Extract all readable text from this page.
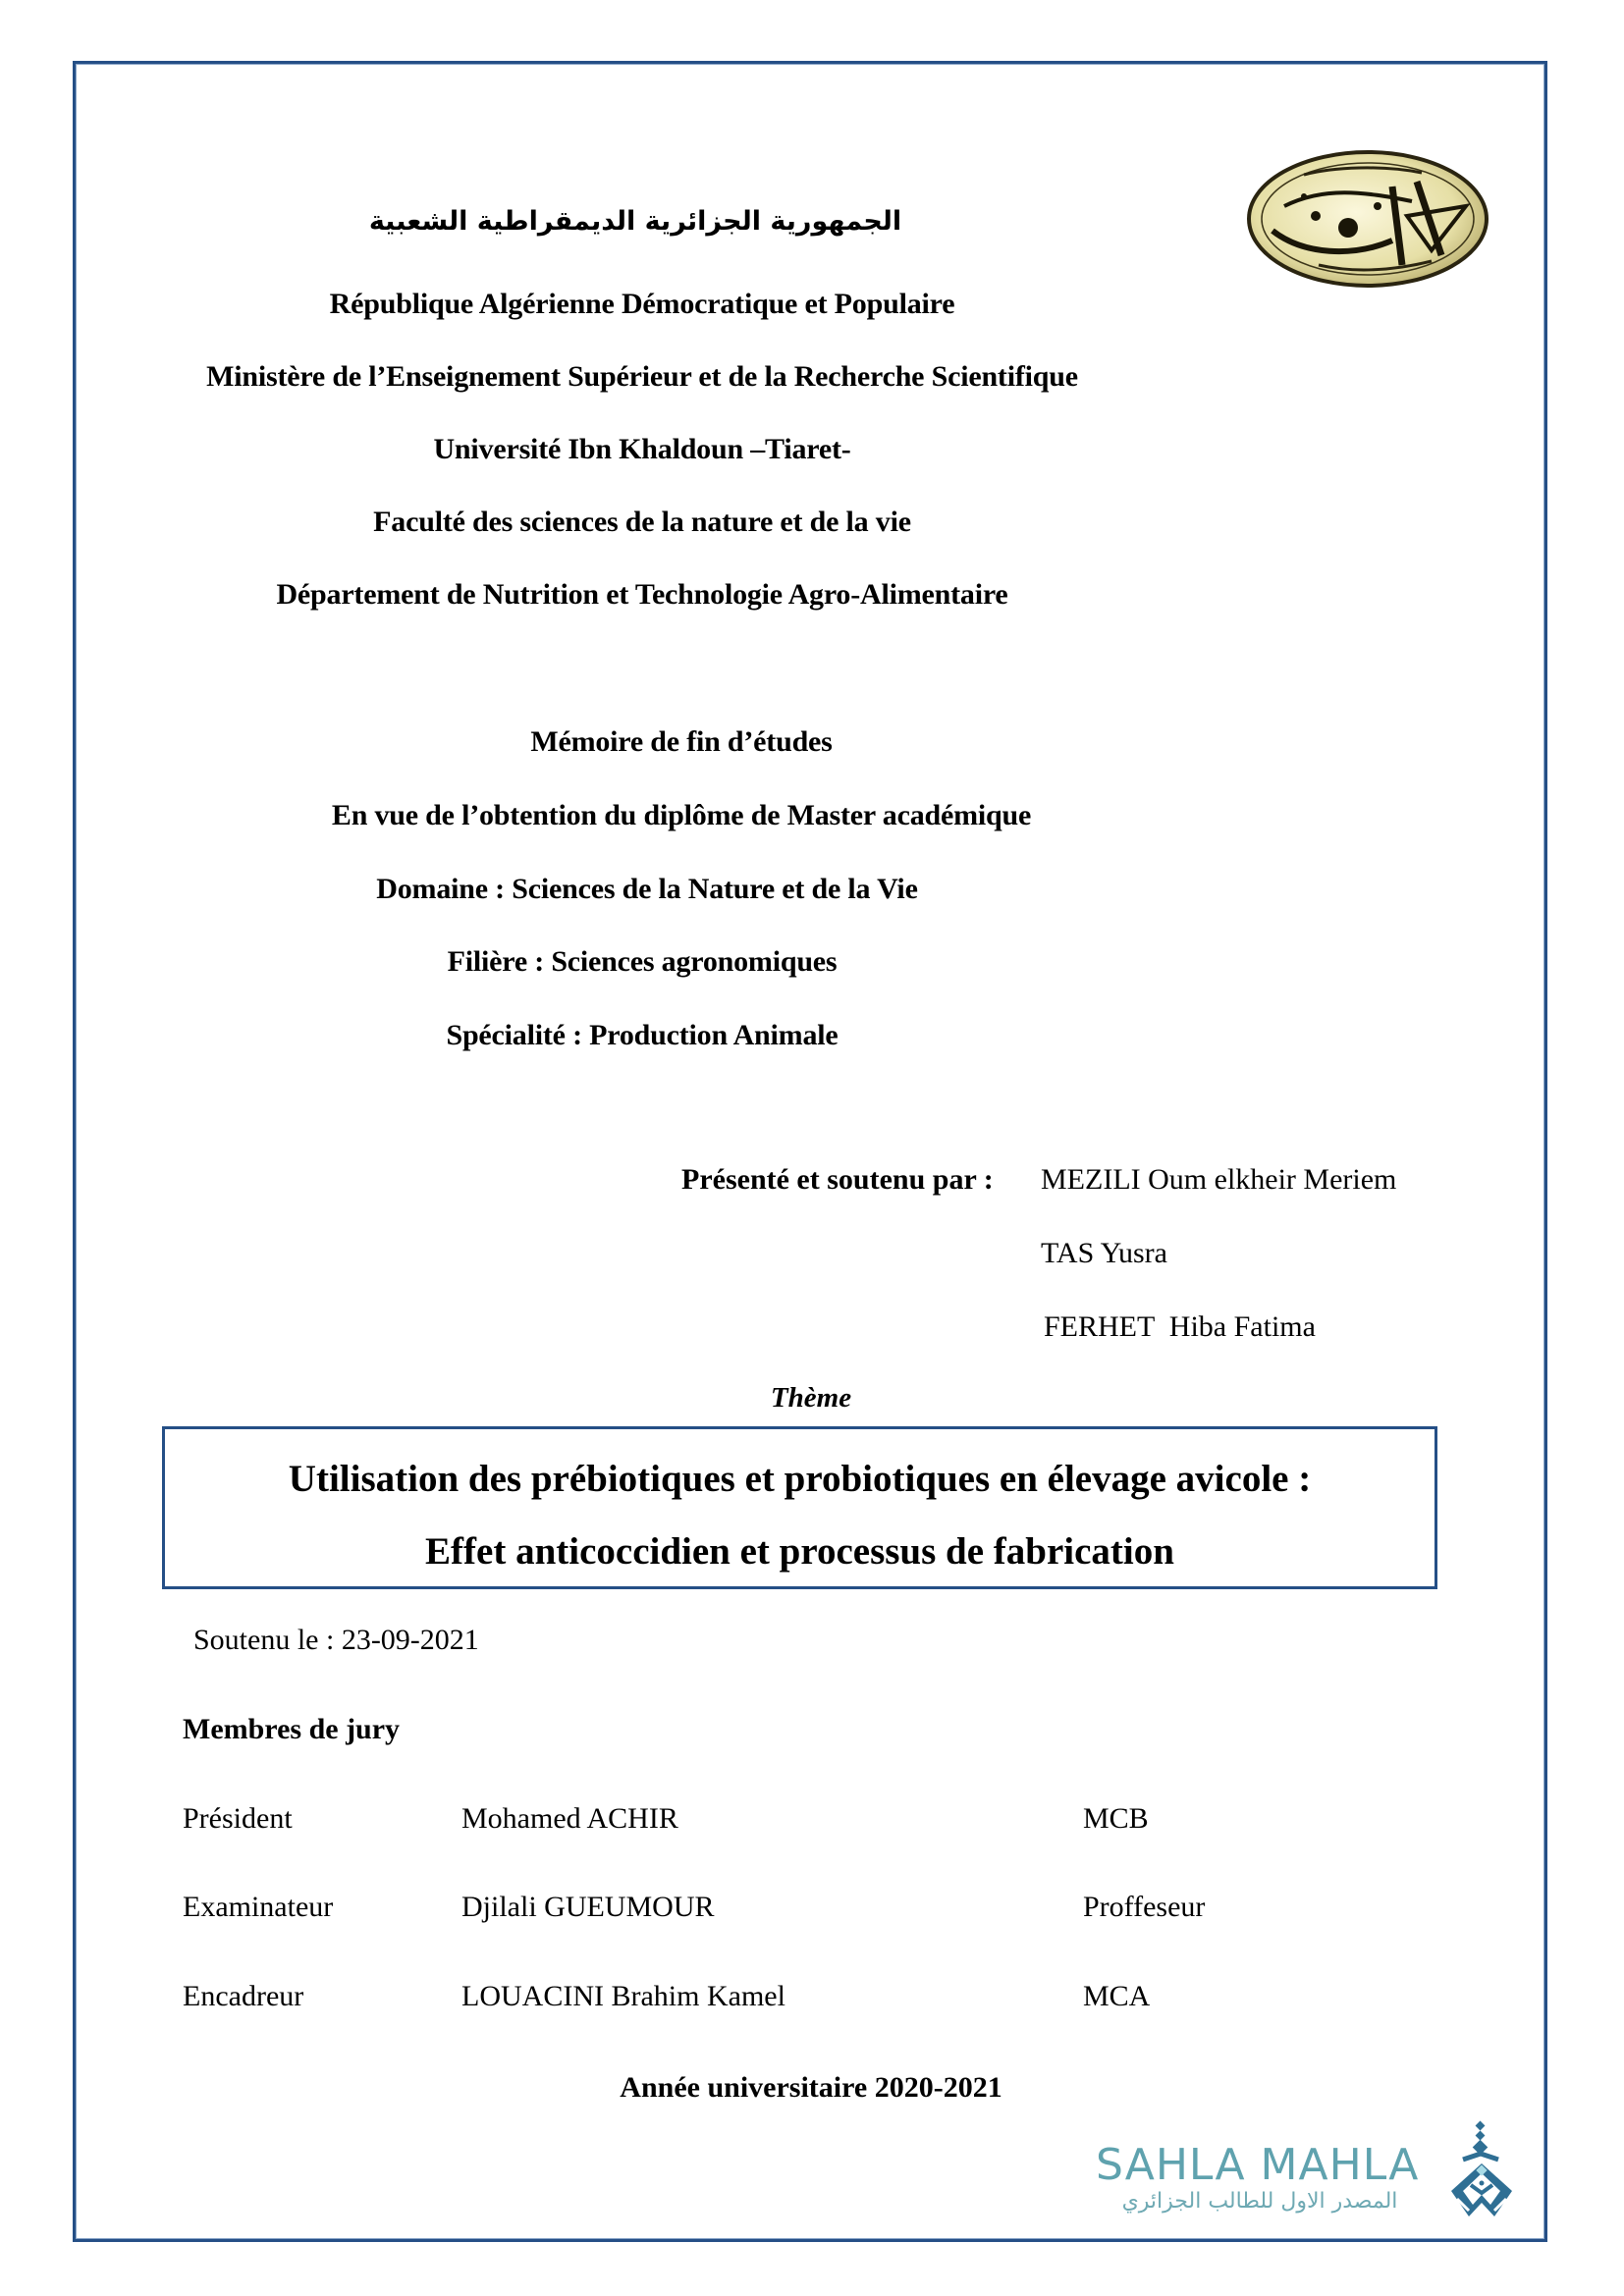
الجمهورية الجزائرية الديمقراطية الشعبية
République Algérienne Démocratique et Populaire
Ministère de l’Enseignement Supérieur et de la Recherche Scientifique
Université Ibn Khaldoun –Tiaret-
Faculté des sciences de la nature et de la vie
Département de Nutrition et Technologie Agro-Alimentaire
Mémoire de fin d’études
En vue de l’obtention du diplôme de Master académique
Domaine : Sciences de la Nature et de la Vie
Filière : Sciences agronomiques
Spécialité : Production Animale
Présenté et soutenu par : MEZILI Oum elkheir Meriem
TAS Yusra
FERHET  Hiba Fatima
Thème
Utilisation des prébiotiques et probiotiques en élevage avicole :
Effet anticoccidien et processus de fabrication
Soutenu le : 23-09-2021
Membres de jury
Président	Mohamed ACHIR	MCB
Examinateur	Djilali GUEUMOUR	Proffeseur
Encadreur	LOUACINI Brahim Kamel	MCA
Année universitaire 2020-2021
SAHLA MAHLA
المصدر الاول للطالب الجزائري
